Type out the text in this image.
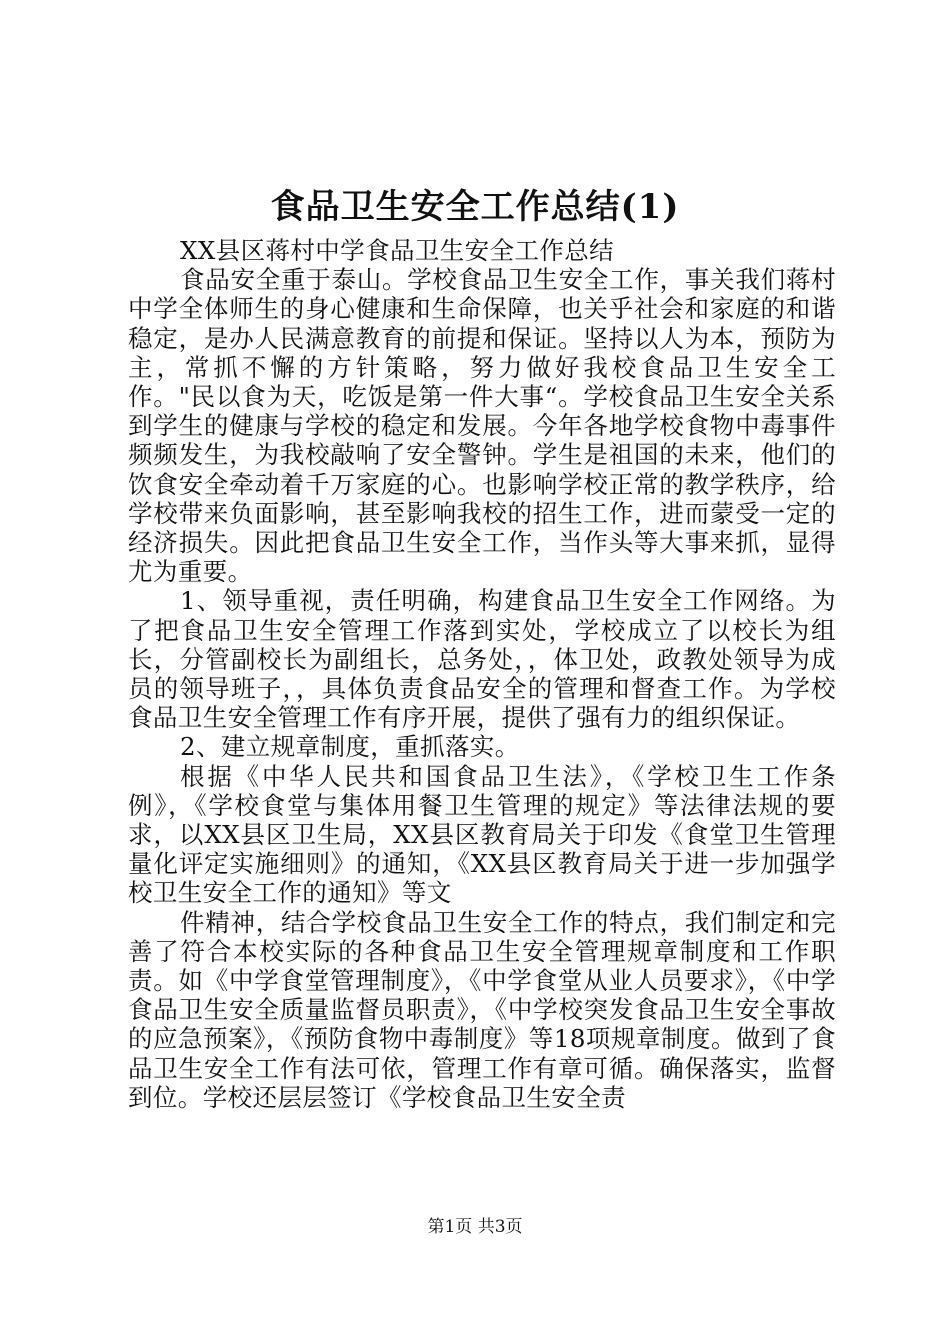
食品卫生安全工作总结(1)

XX县区蒋村中学食品卫生安全工作总结

食品安全重于泰山。学校食品卫生安全工作，事关我们蒋村中学全体师生的身心健康和生命保障，也关乎社会和家庭的和谐稳定，是办人民满意教育的前提和保证。坚持以人为本，预防为主，常抓不懈的方针策略，努力做好我校食品卫生安全工作。"民以食为天，吃饭是第一件大事“。学校食品卫生安全关系到学生的健康与学校的稳定和发展。今年各地学校食物中毒事件频频发生，为我校敲响了安全警钟。学生是祖国的未来，他们的饮食安全牵动着千万家庭的心。也影响学校正常的教学秩序，给学校带来负面影响，甚至影响我校的招生工作，进而蒙受一定的经济损失。因此把食品卫生安全工作，当作头等大事来抓，显得尤为重要。

1、领导重视，责任明确，构建食品卫生安全工作网络。为了把食品卫生安全管理工作落到实处，学校成立了以校长为组长，分管副校长为副组长，总务处，，体卫处，政教处领导为成员的领导班子，，具体负责食品安全的管理和督查工作。为学校食品卫生安全管理工作有序开展，提供了强有力的组织保证。

2、建立规章制度，重抓落实。

根据《中华人民共和国食品卫生法》，《学校卫生工作条例》，《学校食堂与集体用餐卫生管理的规定》等法律法规的要求，以XX县区卫生局，XX县区教育局关于印发《食堂卫生管理量化评定实施细则》的通知，《XX县区教育局关于进一步加强学校卫生安全工作的通知》等文

件精神，结合学校食品卫生安全工作的特点，我们制定和完善了符合本校实际的各种食品卫生安全管理规章制度和工作职责。如《中学食堂管理制度》，《中学食堂从业人员要求》，《中学食品卫生安全质量监督员职责》，《中学校突发食品卫生安全事故的应急预案》，《预防食物中毒制度》等18项规章制度。做到了食品卫生安全工作有法可依，管理工作有章可循。确保落实，监督到位。学校还层层签订《学校食品卫生安全责

第1页 共3页
